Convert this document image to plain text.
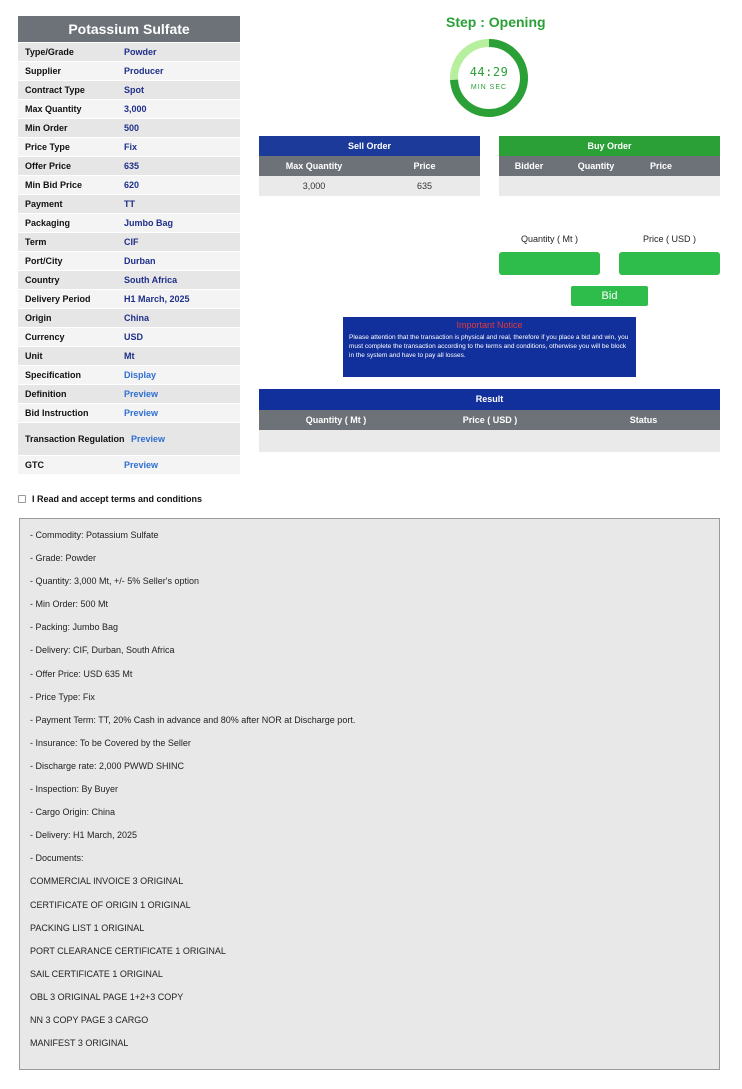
Potassium Sulfate
Type/Grade	Powder
Supplier	Producer
Contract Type	Spot
Max Quantity	3,000
Min Order	500
Price Type	Fix
Offer Price	635
Min Bid Price	620
Payment	TT
Packaging	Jumbo Bag
Term	CIF
Port/City	Durban
Country	South Africa
Delivery Period	H1 March, 2025
Origin	China
Currency	USD
Unit	Mt
Specification	Display
Definition	Preview
Bid Instruction	Preview
Transaction Regulation Preview
GTC	Preview
Step : Opening
44:29
MIN SEC
Sell Order
Max Quantity	Price
3,000	635
Buy Order
Bidder	Quantity	Price
Quantity ( Mt )	Price ( USD )
Bid
Important Notice
Please attention that the transaction is physical and real, therefore if you place a bid and win, you must complete the transaction according to the terms and conditions, otherwise you will be block in the system and have to pay all losses.
Result
Quantity ( Mt )	Price ( USD )	Status
I Read and accept terms and conditions
- Commodity: Potassium Sulfate
- Grade: Powder
- Quantity: 3,000 Mt, +/- 5% Seller's option
- Min Order: 500 Mt
- Packing: Jumbo Bag
- Delivery: CIF, Durban, South Africa
- Offer Price: USD 635 Mt
- Price Type: Fix
- Payment Term: TT, 20% Cash in advance and 80% after NOR at Discharge port.
- Insurance: To be Covered by the Seller
- Discharge rate: 2,000 PWWD SHINC
- Inspection: By Buyer
- Cargo Origin: China
- Delivery: H1 March, 2025
- Documents:
COMMERCIAL INVOICE 3 ORIGINAL
CERTIFICATE OF ORIGIN 1 ORIGINAL
PACKING LIST 1 ORIGINAL
PORT CLEARANCE CERTIFICATE 1 ORIGINAL
SAIL CERTIFICATE 1 ORIGINAL
OBL 3 ORIGINAL PAGE 1+2+3 COPY
NN 3 COPY PAGE 3 CARGO
MANIFEST 3 ORIGINAL
